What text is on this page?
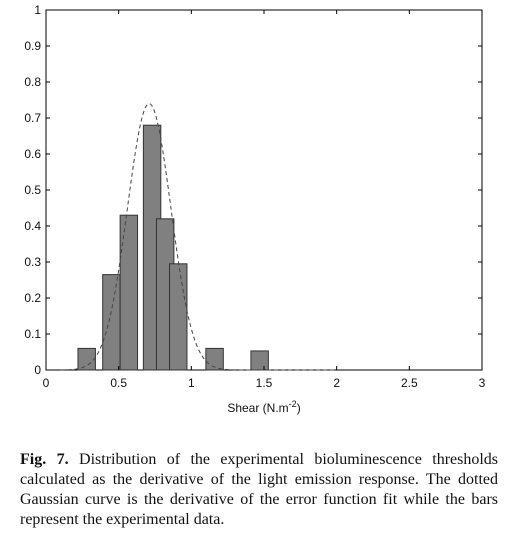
0	0.5	1	1.5	2	2.5	3
0
0.1
0.2
0.3
0.4
0.5
0.6
0.7
0.8
0.9
1
Shear $(N.m^{-2})$
Fig. 7. Distribution of the experimental bioluminescence thresholds calculated as the derivative of the light emission response. The dotted Gaussian curve is the derivative of the error function fit while the bars represent the experimental data.
